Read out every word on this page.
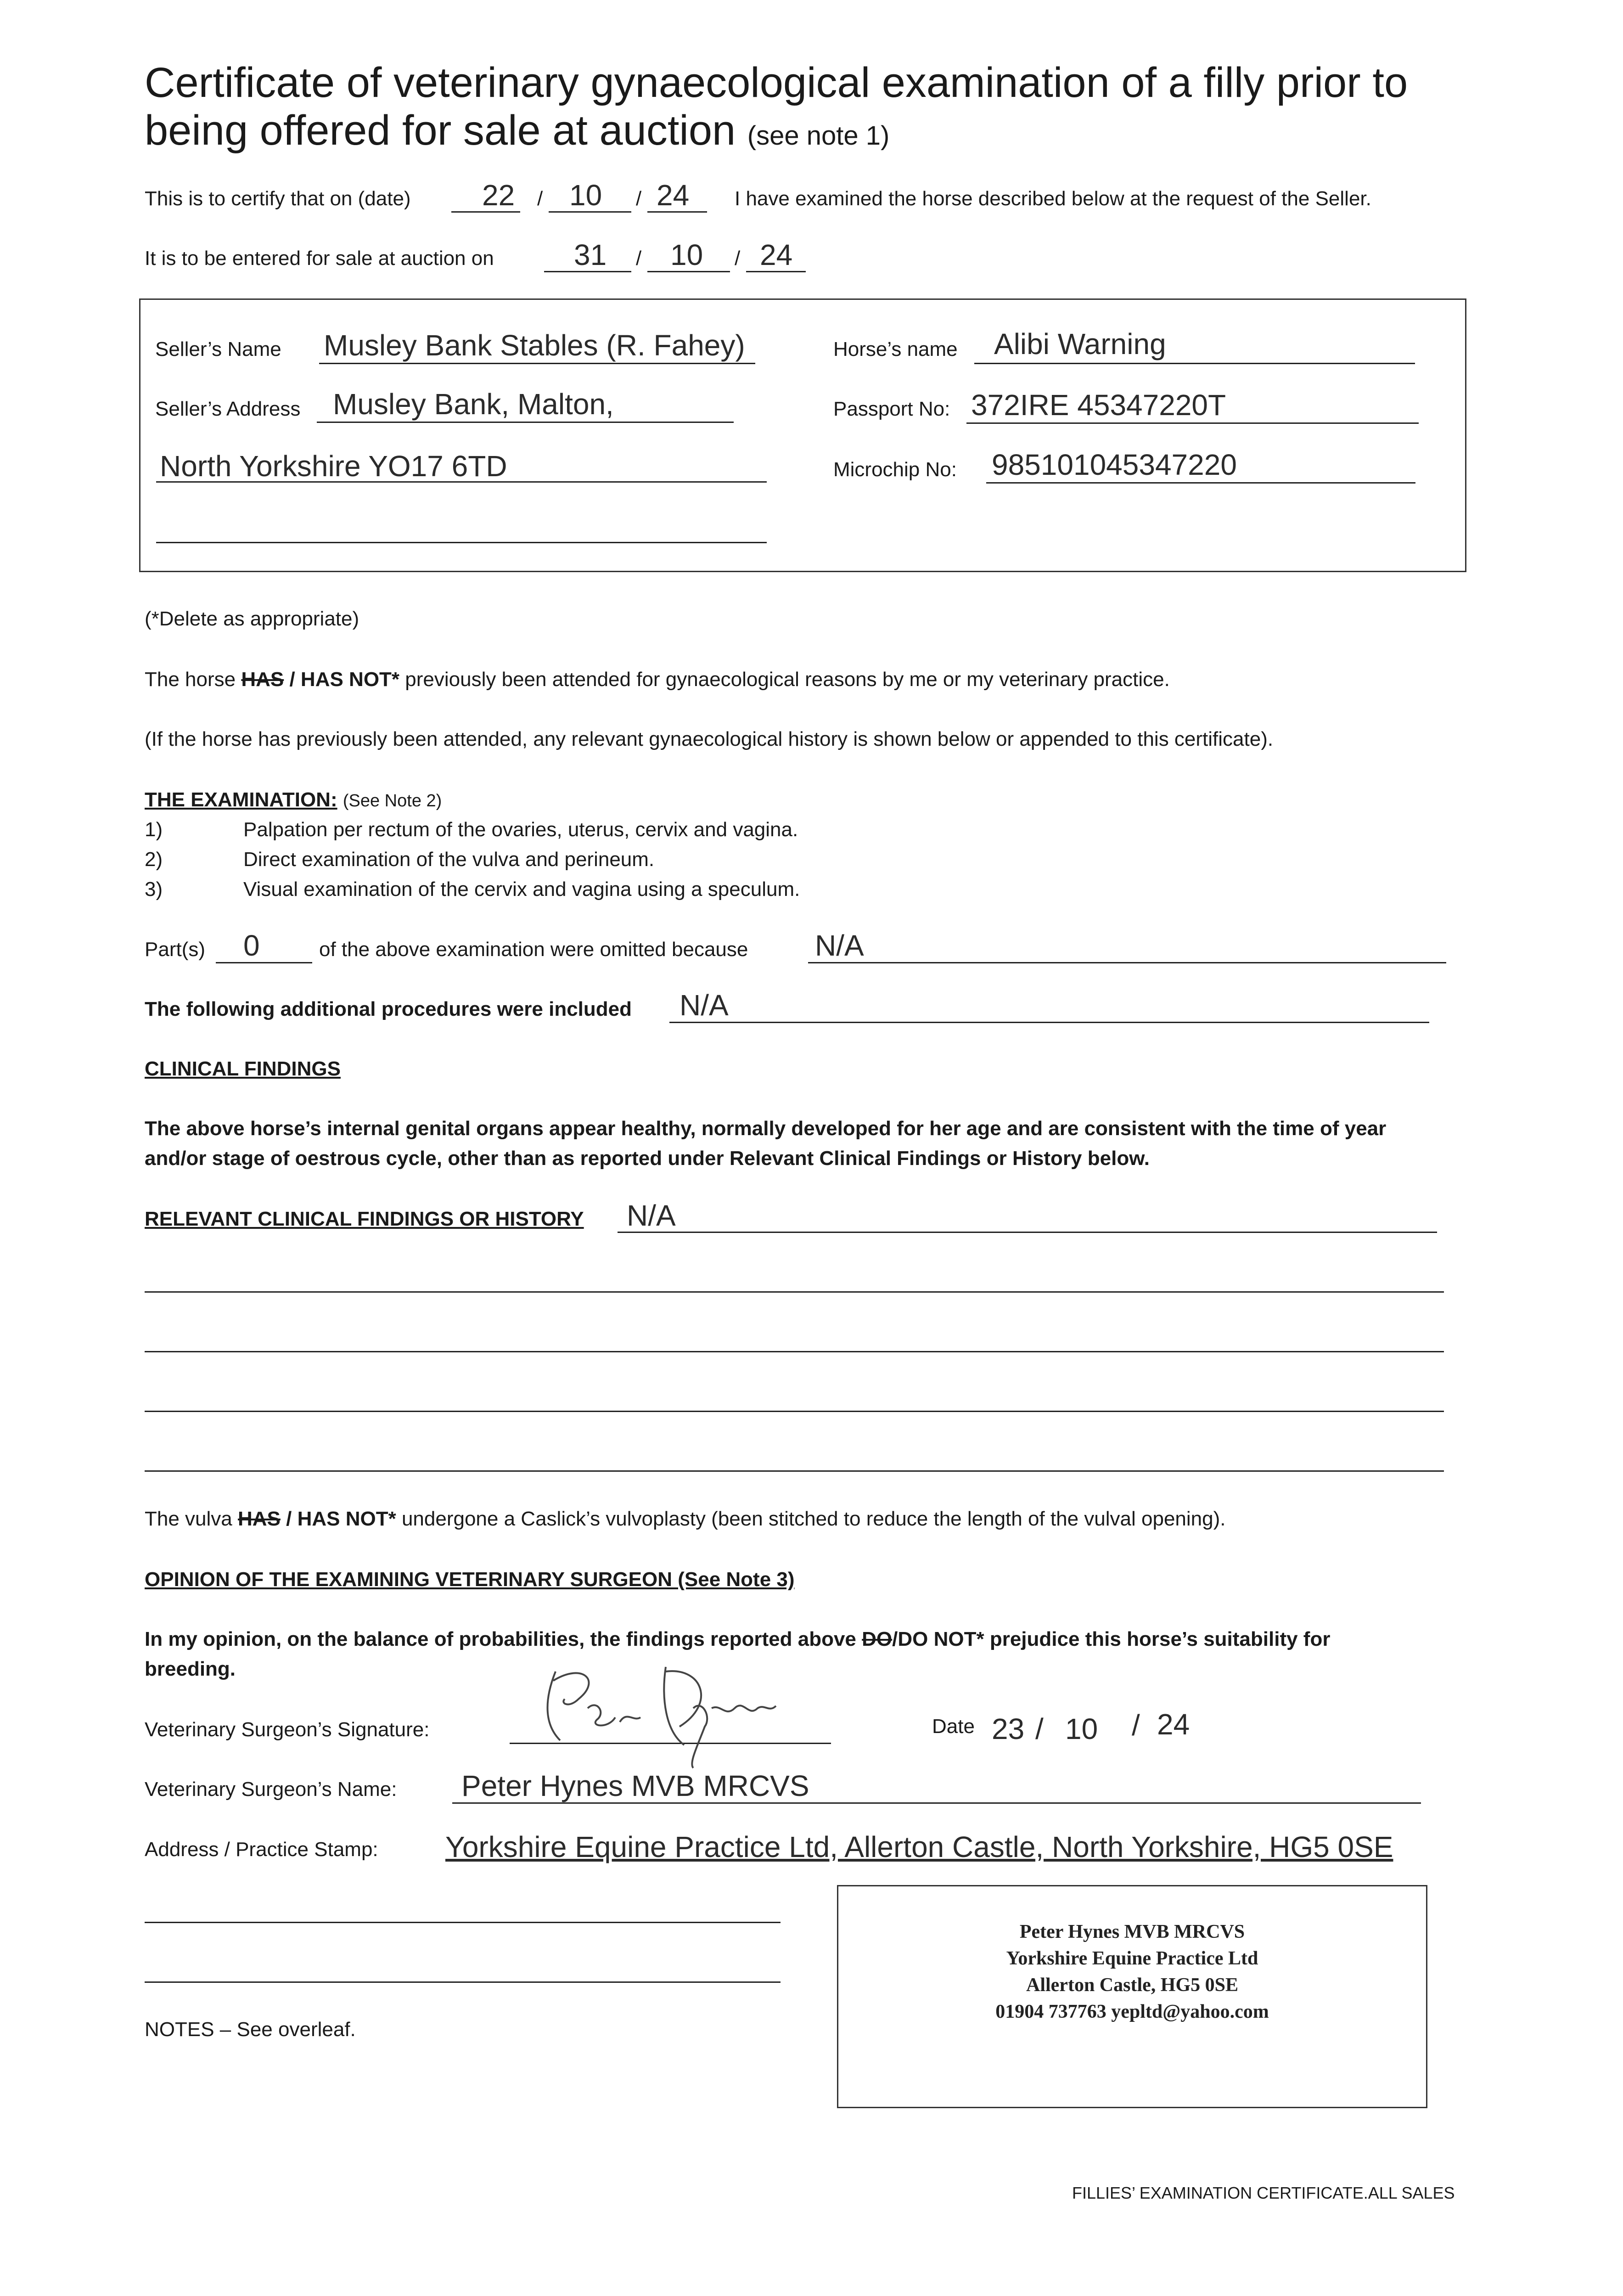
Certificate of veterinary gynaecological examination of a filly prior to
being offered for sale at auction (see note 1)
This is to certify that on (date) 22 / 10 / 24 I have examined the horse described below at the request of the Seller.
It is to be entered for sale at auction on	31 / 10 / 24
Seller’s Name Musley Bank Stables (R. Fahey)
Seller’s Address Musley Bank, Malton,
North Yorkshire YO17 6TD
Horse’s name Alibi Warning
Passport No: 372IRE 45347220T
Microchip No: 985101045347220
(*Delete as appropriate)
The horse HAS / HAS NOT* previously been attended for gynaecological reasons by me or my veterinary practice.
(If the horse has previously been attended, any relevant gynaecological history is shown below or appended to this certificate).
THE EXAMINATION: (See Note 2)
1)	Palpation per rectum of the ovaries, uterus, cervix and vagina.
2)	Direct examination of the vulva and perineum.
3)	Visual examination of the cervix and vagina using a speculum.
Part(s) 0	of the above examination were omitted because N/A
The following additional procedures were included N/A
CLINICAL FINDINGS
The above horse’s internal genital organs appear healthy, normally developed for her age and are consistent with the time of year
and/or stage of oestrous cycle, other than as reported under Relevant Clinical Findings or History below.
RELEVANT CLINICAL FINDINGS OR HISTORY N/A
The vulva HAS / HAS NOT* undergone a Caslick’s vulvoplasty (been stitched to reduce the length of the vulval opening).
OPINION OF THE EXAMINING VETERINARY SURGEON (See Note 3)
In my opinion, on the balance of probabilities, the findings reported above DO/DO NOT* prejudice this horse’s suitability for
breeding.
Veterinary Surgeon’s Signature:	Date 23 / 10 / 24
Veterinary Surgeon’s Name: Peter Hynes MVB MRCVS
Address / Practice Stamp: Yorkshire Equine Practice Ltd, Allerton Castle, North Yorkshire, HG5 0SE
Peter Hynes MVB MRCVS
Yorkshire Equine Practice Ltd
Allerton Castle, HG5 0SE
01904 737763 yepltd@yahoo.com
NOTES – See overleaf.
FILLIES’ EXAMINATION CERTIFICATE.ALL SALES
